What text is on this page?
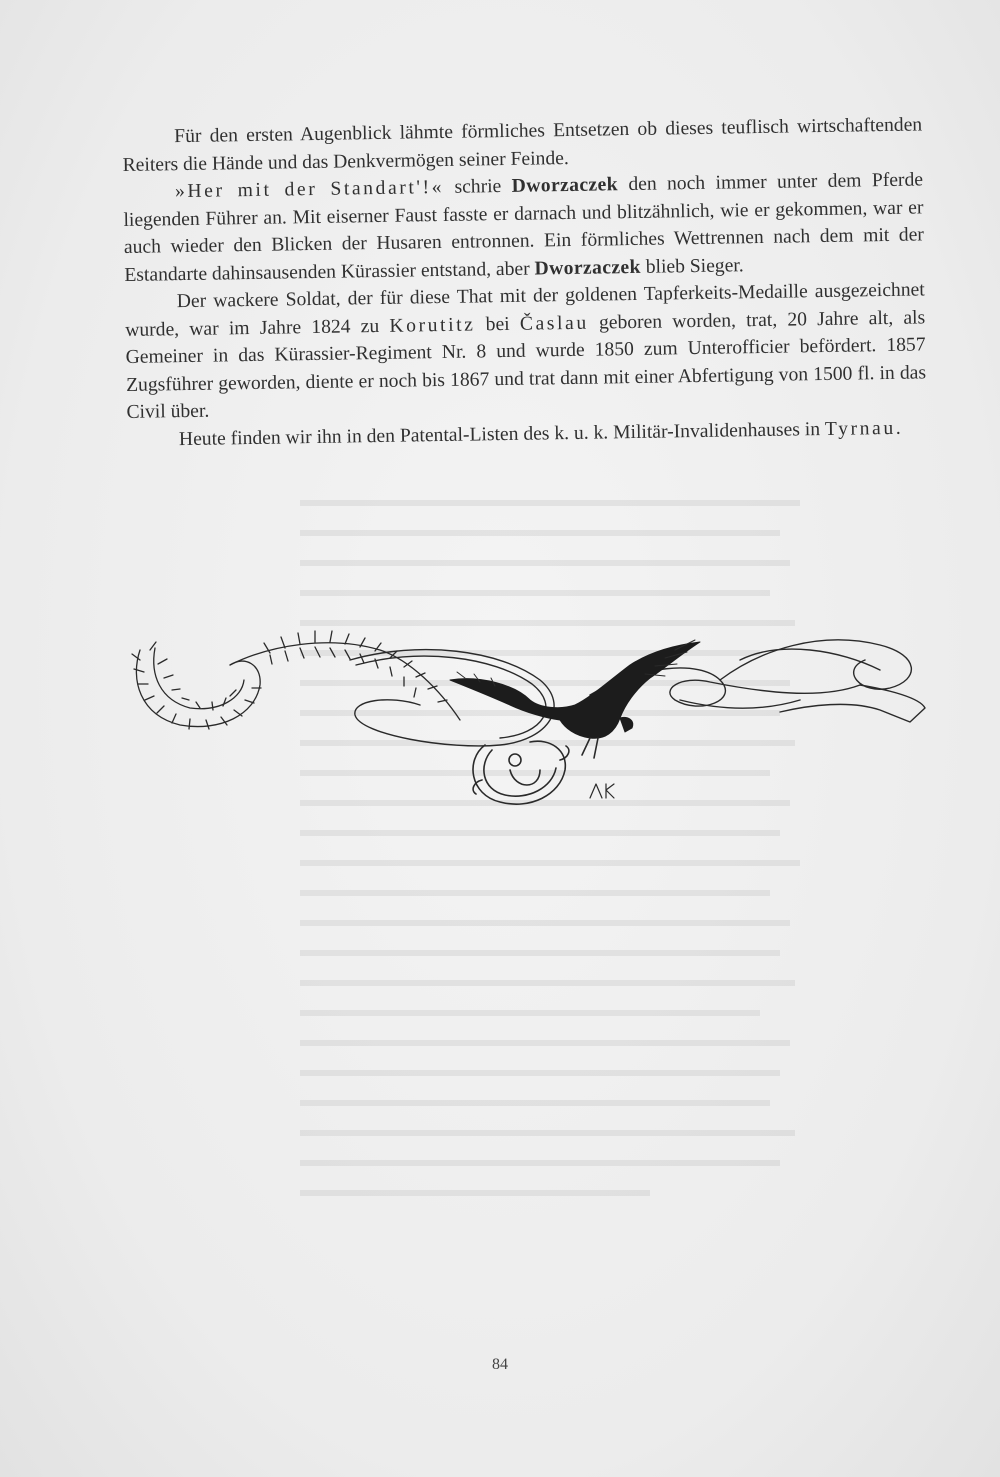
Für den ersten Augenblick lähmte förmliches Entsetzen ob dieses teuflisch wirtschaftenden Reiters die Hände und das Denkvermögen seiner Feinde.

»Her mit der Standart'!« schrie Dworzaczek den noch immer unter dem Pferde liegenden Führer an. Mit eiserner Faust fasste er darnach und blitzähnlich, wie er gekommen, war er auch wieder den Blicken der Husaren entronnen. Ein förmliches Wettrennen nach dem mit der Estandarte dahinsausenden Kürassier entstand, aber Dworzaczek blieb Sieger.

Der wackere Soldat, der für diese That mit der goldenen Tapferkeits-Medaille ausgezeichnet wurde, war im Jahre 1824 zu Korutitz bei Časlau geboren worden, trat, 20 Jahre alt, als Gemeiner in das Kürassier-Regiment Nr. 8 und wurde 1850 zum Unterofficier befördert. 1857 Zugsführer geworden, diente er noch bis 1867 und trat dann mit einer Abfertigung von 1500 fl. in das Civil über.

Heute finden wir ihn in den Patental-Listen des k. u. k. Militär-Invalidenhauses in Tyrnau.

84
